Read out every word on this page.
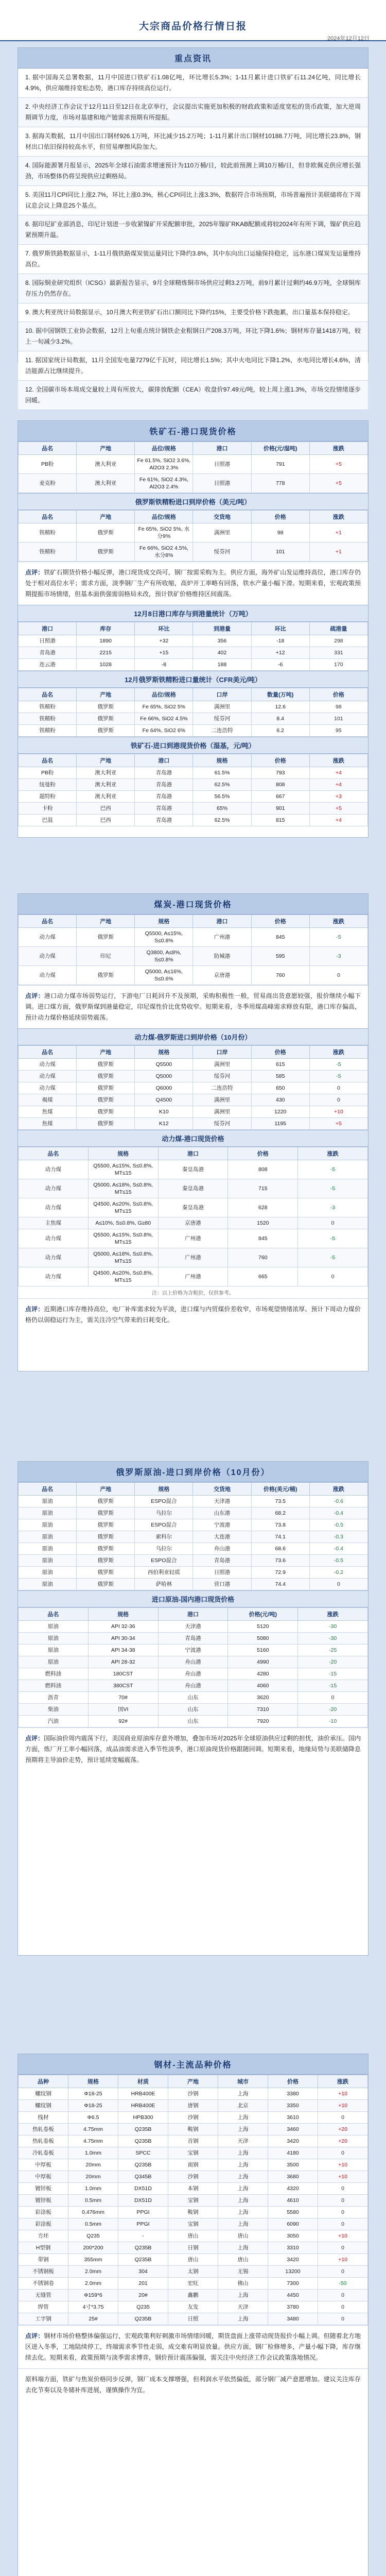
大宗商品价格行情日报
2024年12月12日
重点资讯
1. 据中国海关总署数据，11月中国进口铁矿石1.08亿吨，环比增长5.3%；1-11月累计进口铁矿石11.24亿吨，同比增长4.9%，供应端维持宽松态势，港口库存持续高位运行。
2. 中央经济工作会议于12月11日至12日在北京举行，会议提出实施更加积极的财政政策和适度宽松的货币政策，加大逆周期调节力度，市场对基建和地产链需求预期有所提振。
3. 据海关数据，11月中国出口钢材926.1万吨，环比减少15.2万吨；1-11月累计出口钢材10188.7万吨，同比增长23.8%，钢材出口依旧保持较高水平，但贸易摩擦风险加大。
4. 国际能源署月报显示，2025年全球石油需求增速预计为110万桶/日，较此前预测上调10万桶/日，但非欧佩克供应增长强劲，市场整体仍将呈现供应过剩格局。
5. 美国11月CPI同比上涨2.7%，环比上涨0.3%，核心CPI同比上涨3.3%，数据符合市场预期，市场普遍预计美联储将在下周议息会议上降息25个基点。
6. 据印尼矿业部消息，印尼计划进一步收紧镍矿开采配额审批，2025年镍矿RKAB配额或将较2024年有所下调，镍矿供应趋紧预期升温。
7. 俄罗斯铁路数据显示，1-11月俄铁路煤炭装运量同比下降约3.8%，其中东向出口运输保持稳定，远东港口煤炭发运量维持高位。
8. 国际铜业研究组织（ICSG）最新报告显示，9月全球精炼铜市场供应过剩3.2万吨，前9月累计过剩约46.9万吨，全球铜库存压力仍然存在。
9. 澳大利亚统计局数据显示，10月澳大利亚铁矿石出口额同比下降约15%，主要受价格下跌拖累，出口量基本保持稳定。
10. 据中国钢铁工业协会数据，12月上旬重点统计钢铁企业粗钢日产208.3万吨，环比下降1.6%；钢材库存量1418万吨，较上一旬减少3.2%。
11. 据国家统计局数据，11月全国发电量7279亿千瓦时，同比增长1.5%；其中火电同比下降1.2%，水电同比增长4.6%，清洁能源占比继续提升。
12. 全国碳市场本周成交量较上周有所放大，碳排放配额（CEA）收盘价97.49元/吨，较上周上涨1.3%，市场交投情绪逐步回暖。
铁矿石-港口现货价格
品名	产地	品位/规格	港口	价格(元/湿吨)	涨跌
PB粉	澳大利亚	Fe 61.5%, SiO2 3.6%, Al2O3 2.3%	日照港	791	+5
麦克粉	澳大利亚	Fe 61%, SiO2 4.3%, Al2O3 2.4%	日照港	778	+5
俄罗斯铁精粉进口到岸价格（美元/吨）
品名	产地	品位/规格	交货地	价格	涨跌
铁精粉	俄罗斯	Fe 65%, SiO2 5%, 水分9%	满洲里	98	+1
铁精粉	俄罗斯	Fe 66%, SiO2 4.5%, 水分8%	绥芬河	101	+1
点评：铁矿石期货价格小幅反弹，港口现货成交尚可，钢厂按需采购为主。供应方面，海外矿山发运维持高位，港口库存仍处于相对高位水平；需求方面，淡季钢厂生产有所收缩，高炉开工率略有回落，铁水产量小幅下滑。短期来看，宏观政策预期提振市场情绪，但基本面供强需弱格局未改，预计铁矿价格维持区间震荡。
12月8日港口库存与到港量统计（万吨）
港口	库存	环比	到港量	环比	疏港量
日照港	1890	+32	356	-18	298
青岛港	2215	+15	402	+12	331
连云港	1028	-8	188	-6	170
12月俄罗斯铁精粉进口量统计（CFR美元/吨）
品名	产地	品位/规格	口岸	数量(万吨)	价格
铁精粉	俄罗斯	Fe 65%, SiO2 5%	满洲里	12.6	98
铁精粉	俄罗斯	Fe 66%, SiO2 4.5%	绥芬河	8.4	101
铁精粉	俄罗斯	Fe 64%, SiO2 6%	二连浩特	6.2	95
铁矿石-进口到港现货价格（湿基，元/吨）
品名	产地	港口	规格	价格	涨跌
PB粉	澳大利亚	青岛港	61.5%	793	+4
纽曼粉	澳大利亚	青岛港	62.5%	808	+4
超特粉	澳大利亚	青岛港	56.5%	667	+3
卡粉	巴西	青岛港	65%	901	+5
巴混	巴西	青岛港	62.5%	815	+4
煤炭-港口现货价格
品名	产地	规格	港口	价格	涨跌
动力煤	俄罗斯	Q5500, A≤15%, S≤0.8%	广州港	845	-5
动力煤	印尼	Q3800, A≤8%, S≤0.8%	防城港	595	-3
动力煤	俄罗斯	Q5000, A≤16%, S≤0.6%	京唐港	760	0
点评：港口动力煤市场弱势运行，下游电厂日耗回升不及预期，采购积极性一般，贸易商出货意愿较强，报价继续小幅下调。进口煤方面，俄罗斯煤到港量稳定，印尼煤性价比优势收窄。短期来看，冬季用煤高峰需求释放有限，港口库存偏高，预计动力煤价格延续弱势震荡。
动力煤-俄罗斯进口到岸价格（10月份）
品名	产地	规格	口岸	价格	涨跌
动力煤	俄罗斯	Q5500	满洲里	615	-5
动力煤	俄罗斯	Q5000	绥芬河	585	-5
动力煤	俄罗斯	Q6000	二连浩特	650	0
褐煤	俄罗斯	Q4500	满洲里	430	0
焦煤	俄罗斯	K10	满洲里	1220	+10
焦煤	俄罗斯	K12	绥芬河	1195	+5
动力煤-港口现货价格
品名	规格	港口	价格	涨跌
动力煤	Q5500, A≤15%, S≤0.8%, MT≤15	秦皇岛港	808	-5
动力煤	Q5000, A≤18%, S≤0.8%, MT≤15	秦皇岛港	715	-5
动力煤	Q4500, A≤20%, S≤0.8%, MT≤15	秦皇岛港	628	-3
主焦煤	A≤10%, S≤0.8%, G≥80	京唐港	1520	0
动力煤	Q5500, A≤15%, S≤0.8%, MT≤15	广州港	845	-5
动力煤	Q5000, A≤18%, S≤0.8%, MT≤15	广州港	760	-5
动力煤	Q4500, A≤20%, S≤0.8%, MT≤15	广州港	665	0
注：以上价格为含税价，仅供参考。
点评：近期港口库存维持高位，电厂补库需求较为平淡，进口煤与内贸煤价差收窄，市场观望情绪浓厚。预计下周动力煤价格仍以弱稳运行为主，需关注冷空气带来的日耗变化。
俄罗斯原油-进口到岸价格（10月份）
品名	产地	规格	交货地	价格(美元/桶)	涨跌
原油	俄罗斯	ESPO混合	天津港	73.5	-0.6
原油	俄罗斯	乌拉尔	山东港	68.2	-0.4
原油	俄罗斯	ESPO混合	宁波港	73.8	-0.5
原油	俄罗斯	索科尔	大连港	74.1	-0.3
原油	俄罗斯	乌拉尔	舟山港	68.6	-0.4
原油	俄罗斯	ESPO混合	青岛港	73.6	-0.5
原油	俄罗斯	西伯利亚轻质	日照港	72.9	-0.2
原油	俄罗斯	萨哈林	营口港	74.4	0
进口原油-国内港口现货价格
品名	规格	港口	价格(元/吨)	涨跌
原油	API 32-36	天津港	5120	-30
原油	API 30-34	青岛港	5080	-30
原油	API 34-38	宁波港	5160	-25
原油	API 28-32	舟山港	4990	-20
燃料油	180CST	舟山港	4280	-15
燃料油	380CST	舟山港	4060	-15
沥青	70#	山东	3620	0
柴油	国VI	山东	7310	-20
汽油	92#	山东	7920	-10
点评：国际油价周内震荡下行，美国商业原油库存意外增加，叠加市场对2025年全球原油供应过剩的担忧，油价承压。国内方面，炼厂开工率小幅回落，成品油需求进入季节性淡季，港口原油现货价格跟随回调。短期来看，地缘局势与美联储降息预期将主导油价走势，预计延续宽幅震荡。
钢材-主流品种价格
品种	规格	材质	产地	城市	价格	涨跌
螺纹钢	Φ18-25	HRB400E	沙钢	上海	3380	+10
螺纹钢	Φ18-25	HRB400E	唐钢	北京	3350	+10
线材	Φ6.5	HPB300	沙钢	上海	3610	0
热轧卷板	4.75mm	Q235B	鞍钢	上海	3460	+20
热轧卷板	4.75mm	Q235B	首钢	天津	3420	+20
冷轧卷板	1.0mm	SPCC	宝钢	上海	4180	0
中厚板	20mm	Q235B	南钢	上海	3500	+10
中厚板	20mm	Q345B	沙钢	上海	3680	+10
镀锌板	1.0mm	DX51D	本钢	上海	4320	0
镀锌板	0.5mm	DX51D	宝钢	上海	4610	0
彩涂板	0.476mm	PPGI	鞍钢	上海	5580	0
彩涂板	0.5mm	PPGI	宝钢	上海	6090	0
方坯	Q235	-	唐山	唐山	3050	+10
H型钢	200*200	Q235B	日钢	上海	3310	0
带钢	355mm	Q235B	唐山	唐山	3420	+10
不锈钢板	2.0mm	304	太钢	无锡	13200	0
不锈钢卷	2.0mm	201	宏旺	佛山	7300	-50
无缝管	Φ159*6	20#	鑫鹏	上海	4450	0
焊管	4寸*3.75	Q235	友发	天津	3780	0
工字钢	25#	Q235B	日照	上海	3480	0
点评：钢材市场价格整体偏强运行，宏观政策利好刺激市场情绪回暖，期货盘面上涨带动现货报价小幅上调。但随着北方地区进入冬季，工地陆续停工，终端需求季节性走弱，成交难有明显放量。供应方面，钢厂检修增多，产量小幅下降，库存继续去化。短期来看，政策预期与淡季需求博弈，钢价预计震荡偏强，需关注中央经济工作会议政策落地情况。
原料端方面，铁矿与焦炭价格同步反弹，钢厂成本支撑增强，但利润水平依然偏低，部分钢厂减产意愿增加。建议关注库存去化节奏以及冬储补库进展，谨慎操作为宜。
